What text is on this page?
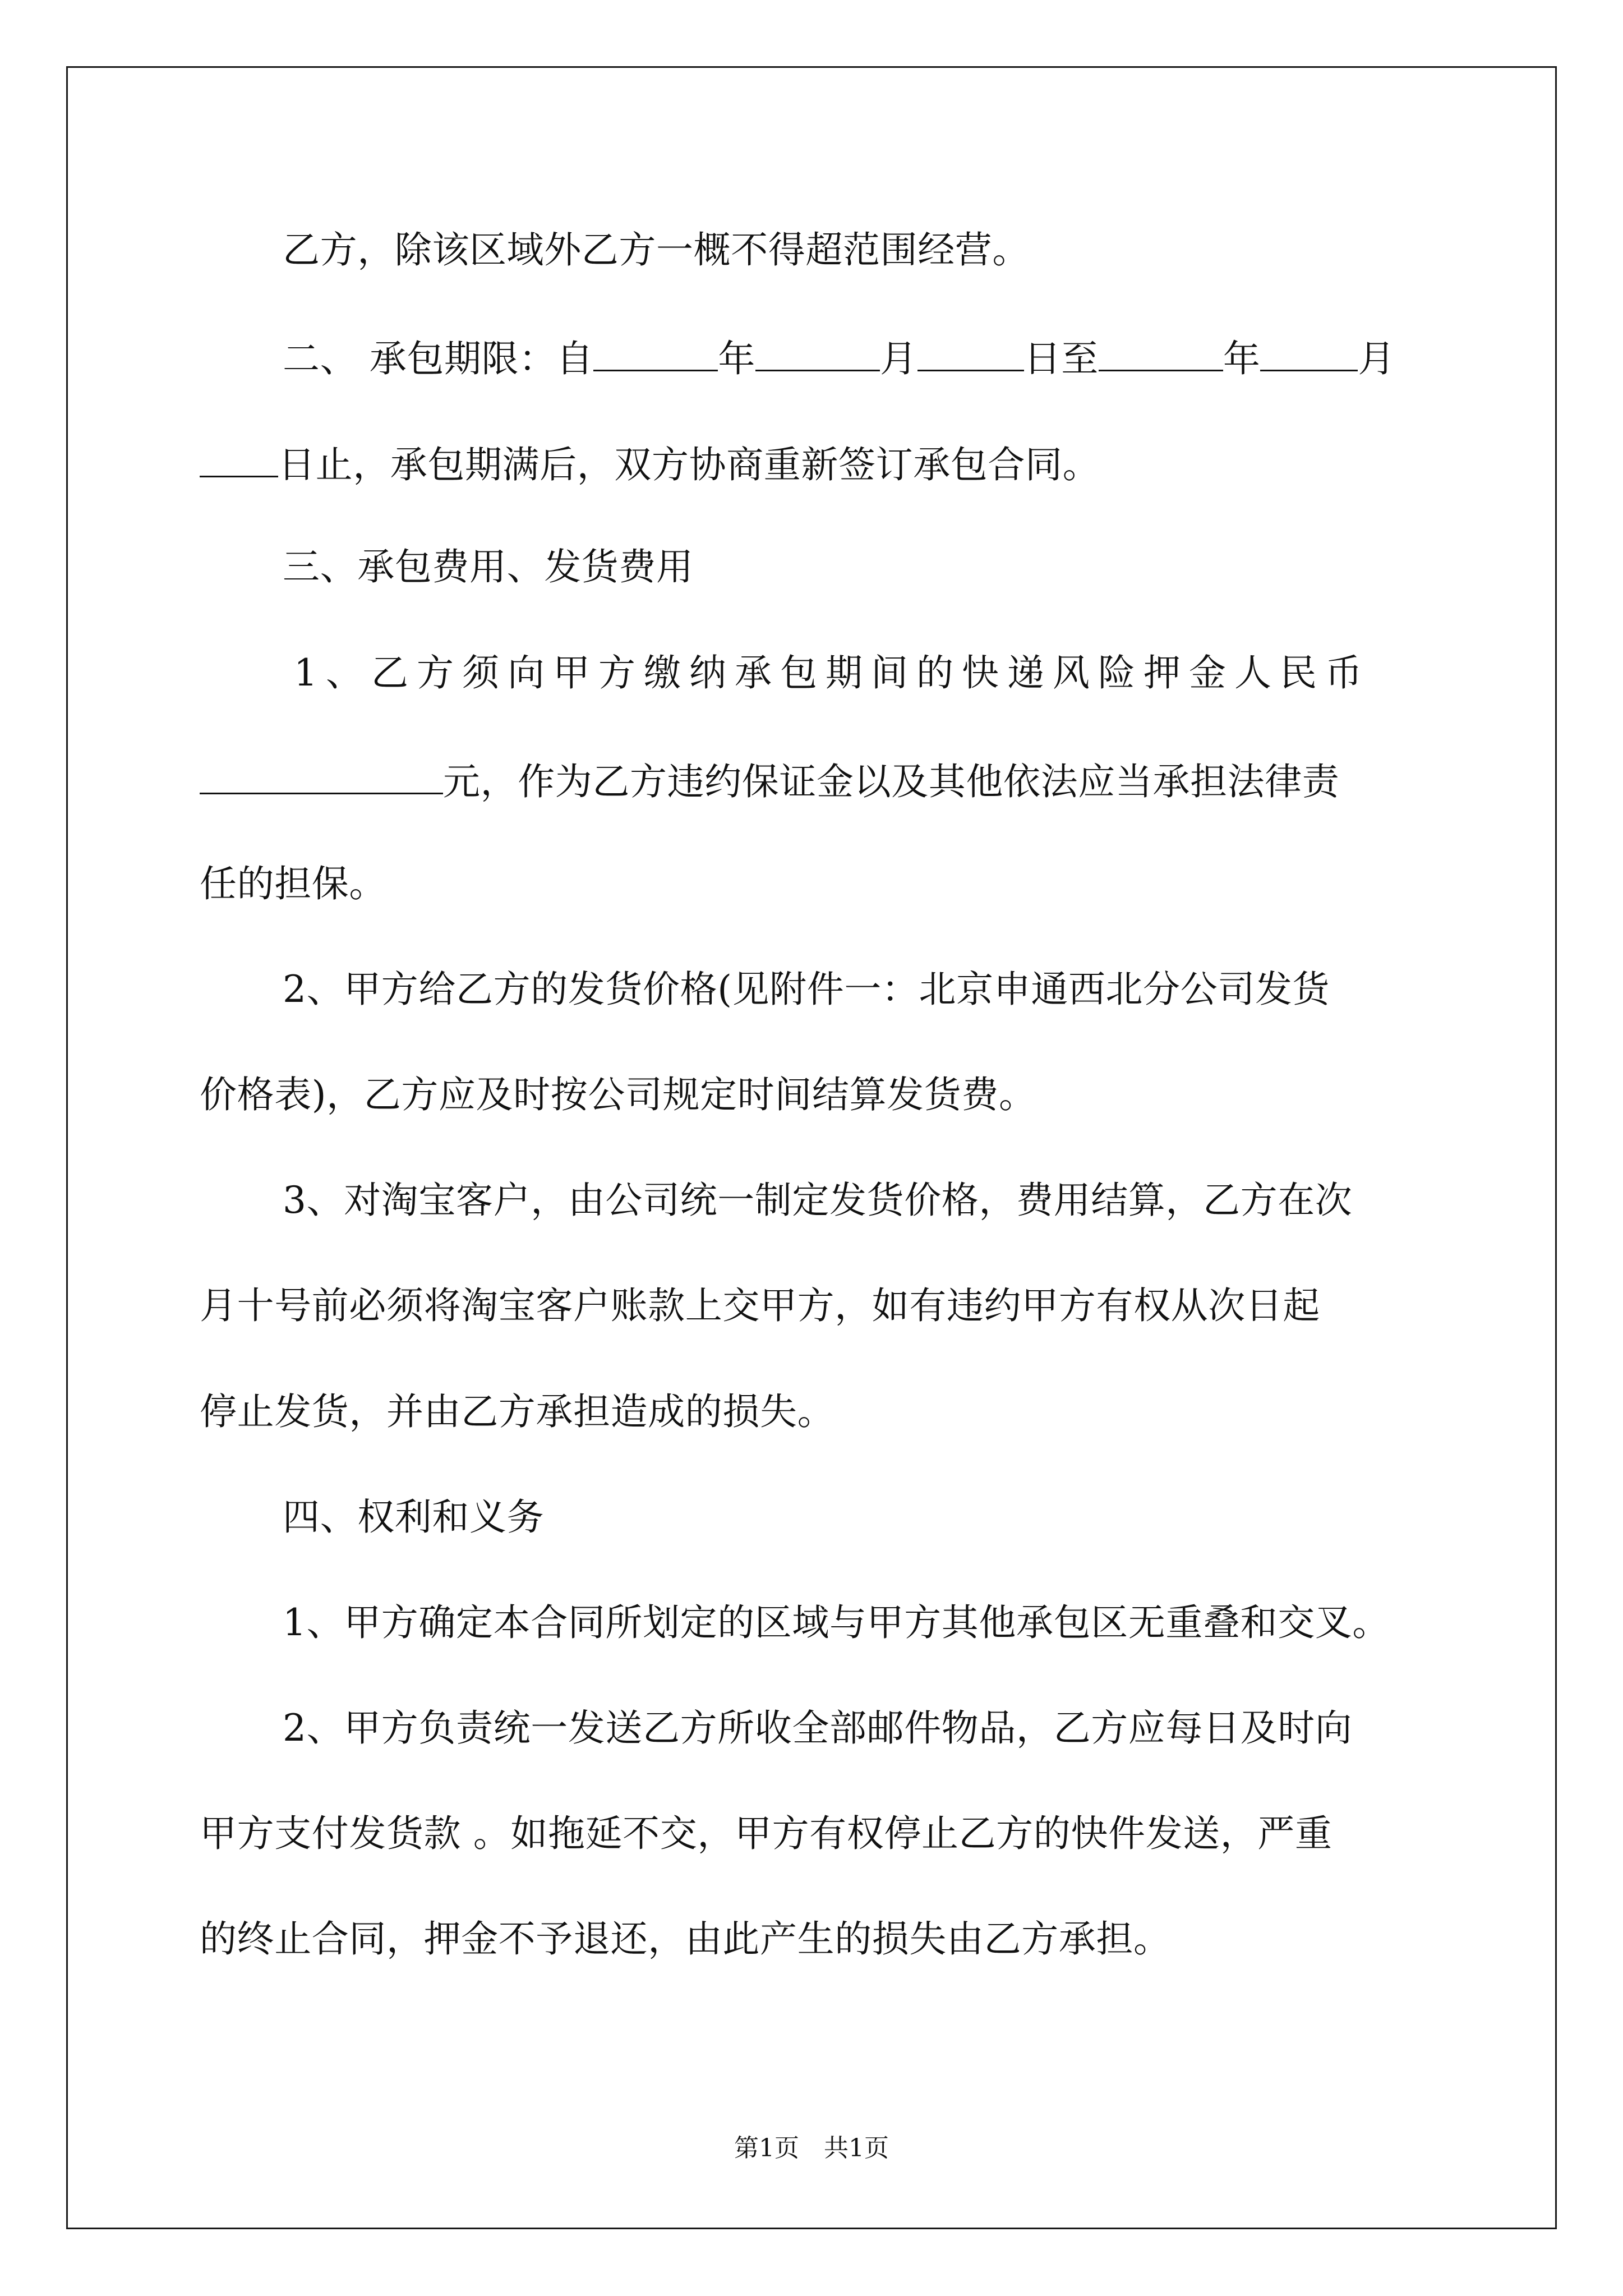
乙方，除该区域外乙方一概不得超范围经营。
二、 承包期限：自	年	月	日至	年	月
日止，承包期满后，双方协商重新签订承包合同。
三、承包费用、发货费用
1、乙方须向甲方缴纳承包期间的快递风险押金人民币
元，作为乙方违约保证金以及其他依法应当承担法律责
任的担保。
2、甲方给乙方的发货价格(见附件一：北京申通西北分公司发货
价格表)，乙方应及时按公司规定时间结算发货费。
3、对淘宝客户，由公司统一制定发货价格，费用结算，乙方在次
月十号前必须将淘宝客户账款上交甲方，如有违约甲方有权从次日起
停止发货，并由乙方承担造成的损失。
四、权利和义务
1、甲方确定本合同所划定的区域与甲方其他承包区无重叠和交叉。
2、甲方负责统一发送乙方所收全部邮件物品，乙方应每日及时向
甲方支付发货款 。如拖延不交，甲方有权停止乙方的快件发送，严重
的终止合同，押金不予退还，由此产生的损失由乙方承担。
第1页　共1页
